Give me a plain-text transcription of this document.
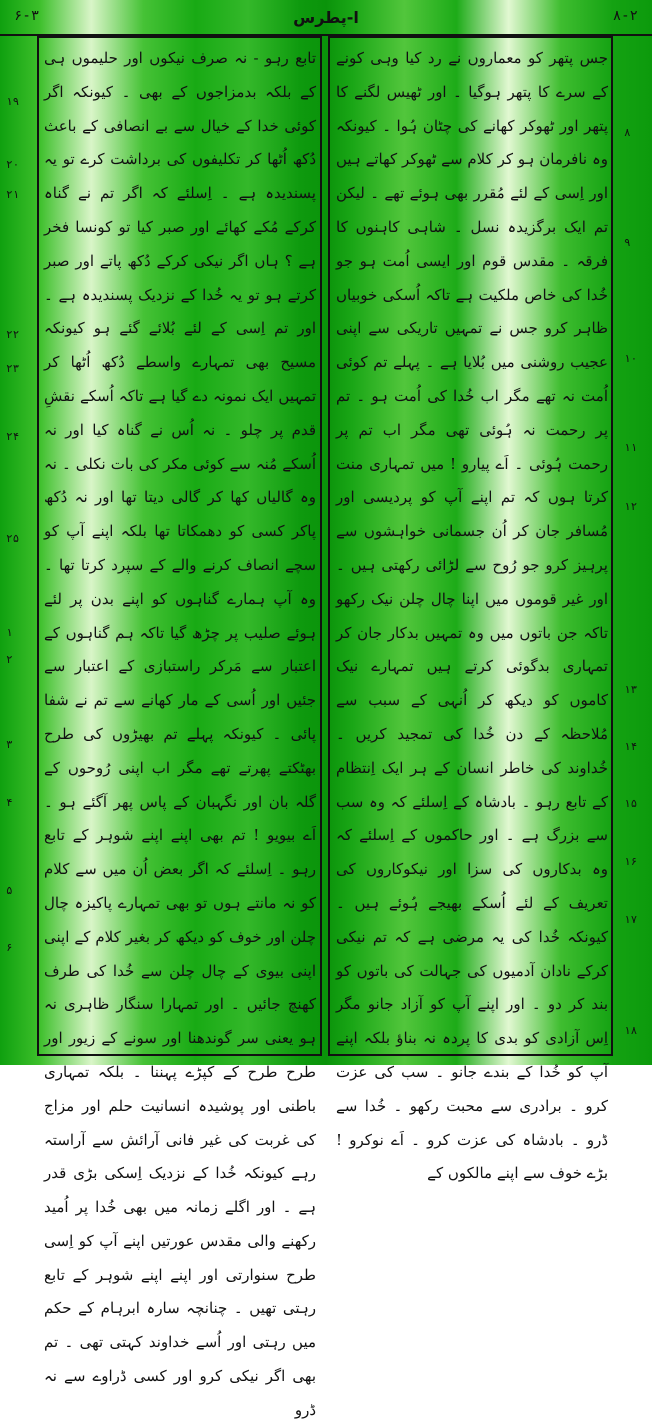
۶-۳	ا-پطرس	۸-۲

تابع رہو - نہ صرف نیکوں اور حلیموں ہی کے بلکہ بدمزاجوں کے بھی ۔ کیونکہ اگر کوئی خدا کے خیال سے بے انصافی کے باعث دُکھ اُٹھا کر تکلیفوں کی برداشت کرے تو یہ پسندیدہ ہے ۔ اِسلئے کہ اگر تم نے گناہ کرکے مُکے کھائے اور صبر کیا تو کونسا فخر ہے ؟ ہاں اگر نیکی کرکے دُکھ پاتے اور صبر کرتے ہو تو یہ خُدا کے نزدیک پسندیدہ ہے ۔ اور تم اِسی کے لئے بُلائے گئے ہو کیونکہ مسیح بھی تمہارے واسطے دُکھ اُٹھا کر تمہیں ایک نمونہ دے گیا ہے تاکہ اُسکے نقشِ قدم پر چلو ۔ نہ اُس نے گناہ کیا اور نہ اُسکے مُنہ سے کوئی مکر کی بات نکلی ۔ نہ وہ گالیاں کھا کر گالی دیتا تھا اور نہ دُکھ پاکر کسی کو دھمکاتا تھا بلکہ اپنے آپ کو سچے انصاف کرنے والے کے سپرد کرتا تھا ۔ وہ آپ ہمارے گناہوں کو اپنے بدن پر لئے ہوئے صلیب پر چڑھ گیا تاکہ ہم گناہوں کے اعتبار سے مَرکر راستبازی کے اعتبار سے جئیں اور اُسی کے مار کھانے سے تم نے شفا پائی ۔ کیونکہ پہلے تم بھیڑوں کی طرح بھٹکتے پھرتے تھے مگر اب اپنی رُوحوں کے گلہ بان اور نگہبان کے پاس پھر آگئے ہو ۔ اَے بیویو ! تم بھی اپنے اپنے شوہر کے تابع رہو ۔ اِسلئے کہ اگر بعض اُن میں سے کلام کو نہ مانتے ہوں تو بھی تمہارے پاکیزہ چال چلن اور خوف کو دیکھ کر بغیر کلام کے اپنی اپنی بیوی کے چال چلن سے خُدا کی طرف کھنچ جائیں ۔ اور تمہارا سنگار ظاہری نہ ہو یعنی سر گوندھنا اور سونے کے زیور اور طرح طرح کے کپڑے پہننا ۔ بلکہ تمہاری باطنی اور پوشیدہ انسانیت حلم اور مزاج کی غربت کی غیر فانی آرائش سے آراستہ رہے کیونکہ خُدا کے نزدیک اِسکی بڑی قدر ہے ۔ اور اگلے زمانہ میں بھی خُدا پر اُمید رکھنے والی مقدس عورتیں اپنے آپ کو اِسی طرح سنوارتی اور اپنے اپنے شوہر کے تابع رہتی تھیں ۔ چنانچہ سارہ ابرہام کے حکم میں رہتی اور اُسے خداوند کہتی تھی ۔ تم بھی اگر نیکی کرو اور کسی ڈراوے سے نہ ڈرو

جس پتھر کو معماروں نے رد کیا وہی کونے کے سرے کا پتھر ہوگیا ۔ اور ٹھیس لگنے کا پتھر اور ٹھوکر کھانے کی چٹان ہُوا ۔ کیونکہ وہ نافرمان ہو کر کلام سے ٹھوکر کھاتے ہیں اور اِسی کے لئے مُقرر بھی ہوئے تھے ۔ لیکن تم ایک برگزیدہ نسل ۔ شاہی کاہنوں کا فرقہ ۔ مقدس قوم اور ایسی اُمت ہو جو خُدا کی خاص ملکیت ہے تاکہ اُسکی خوبیاں ظاہر کرو جس نے تمہیں تاریکی سے اپنی عجیب روشنی میں بُلایا ہے ۔ پہلے تم کوئی اُمت نہ تھے مگر اب خُدا کی اُمت ہو ۔ تم پر رحمت نہ ہُوئی تھی مگر اب تم پر رحمت ہُوئی ۔ اَے پیارو ! میں تمہاری منت کرتا ہوں کہ تم اپنے آپ کو پردیسی اور مُسافر جان کر اُن جسمانی خواہشوں سے پرہیز کرو جو رُوح سے لڑائی رکھتی ہیں ۔ اور غیر قوموں میں اپنا چال چلن نیک رکھو تاکہ جن باتوں میں وہ تمہیں بدکار جان کر تمہاری بدگوئی کرتے ہیں تمہارے نیک کاموں کو دیکھ کر اُنہی کے سبب سے مُلاحظہ کے دن خُدا کی تمجید کریں ۔ خُداوند کی خاطر انسان کے ہر ایک اِنتظام کے تابع رہو ۔ بادشاہ کے اِسلئے کہ وہ سب سے بزرگ ہے ۔ اور حاکموں کے اِسلئے کہ وہ بدکاروں کی سزا اور نیکوکاروں کی تعریف کے لئے اُسکے بھیجے ہُوئے ہیں ۔ کیونکہ خُدا کی یہ مرضی ہے کہ تم نیکی کرکے نادان آدمیوں کی جہالت کی باتوں کو بند کر دو ۔ اور اپنے آپ کو آزاد جانو مگر اِس آزادی کو بدی کا پردہ نہ بناؤ بلکہ اپنے آپ کو خُدا کے بندے جانو ۔ سب کی عزت کرو ۔ برادری سے محبت رکھو ۔ خُدا سے ڈرو ۔ بادشاہ کی عزت کرو ۔ اَے نوکرو ! بڑے خوف سے اپنے مالکوں کے

۱۹
۲۰
۲۱
۲۲
۲۳
۲۴
۲۵
۱
۲
۳
۴
۵
۶
۸
۹
۱۰
۱۱
۱۲
۱۳
۱۴
۱۵
۱۶
۱۷
۱۸
